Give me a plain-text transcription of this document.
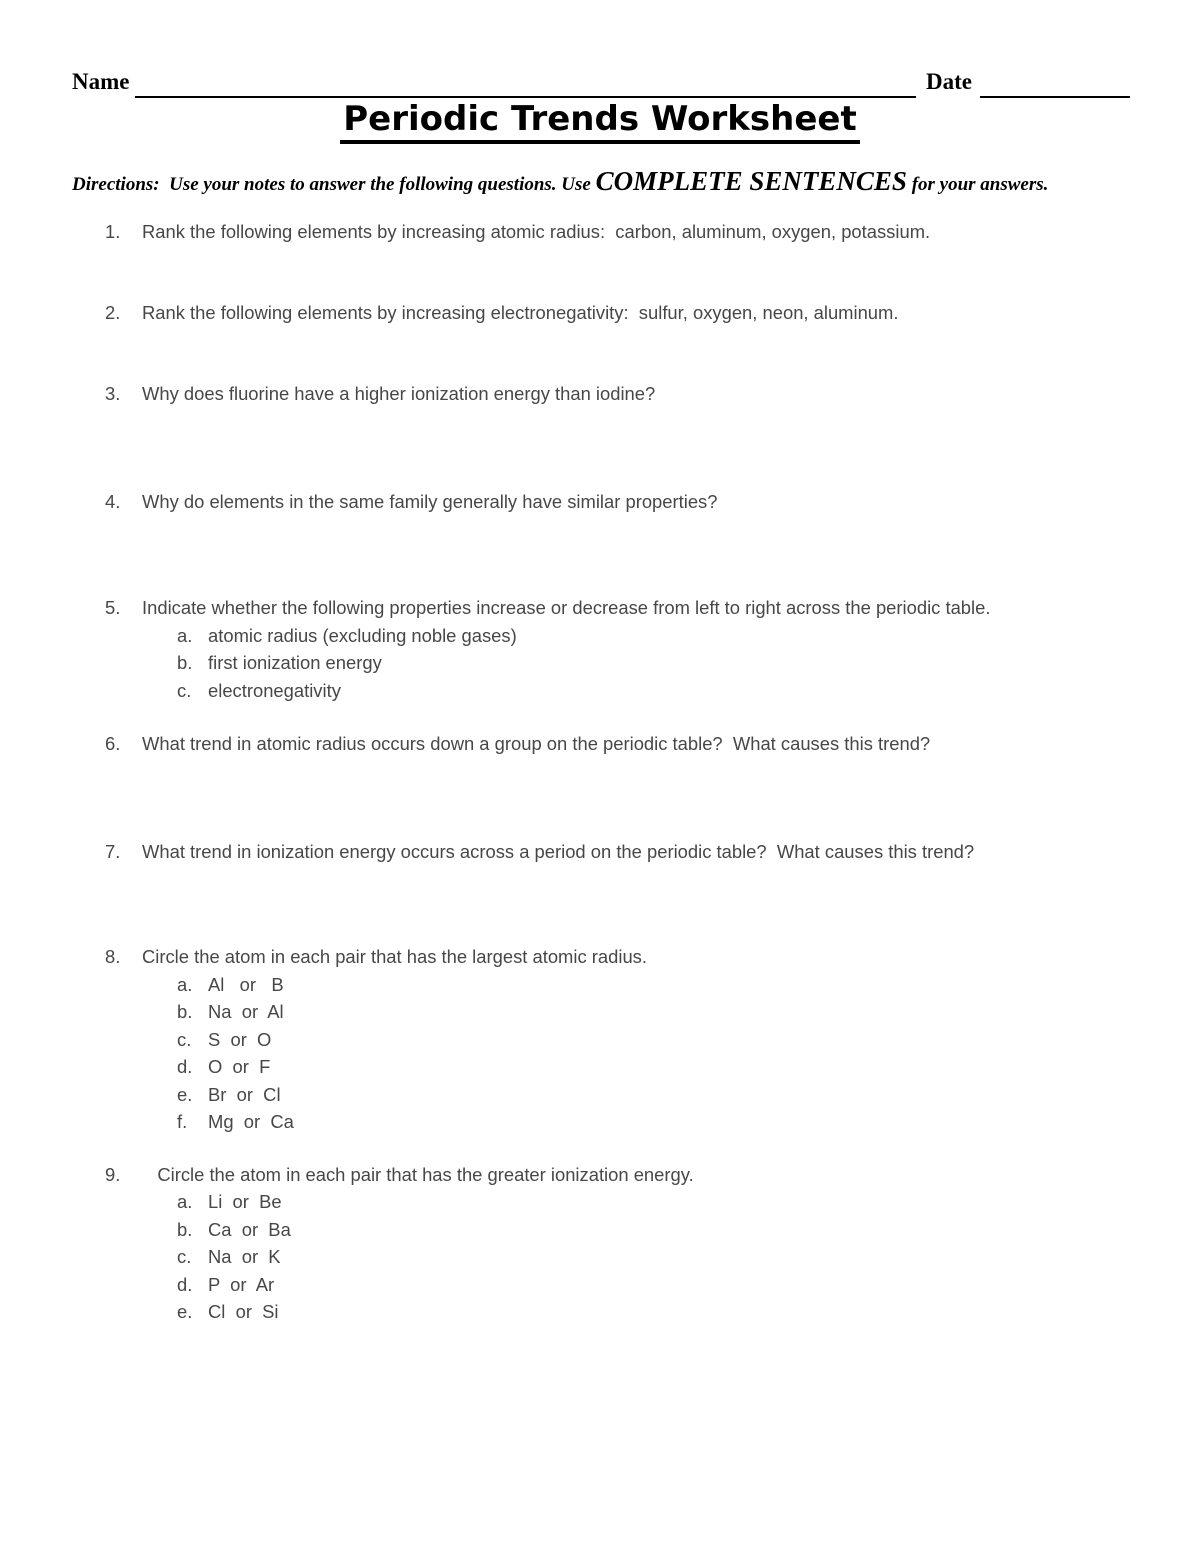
Name	Date
Periodic Trends Worksheet
Directions:  Use your notes to answer the following questions. Use COMPLETE SENTENCES for your answers.
1.	Rank the following elements by increasing atomic radius:  carbon, aluminum, oxygen, potassium.
2.	Rank the following elements by increasing electronegativity:  sulfur, oxygen, neon, aluminum.
3.	Why does fluorine have a higher ionization energy than iodine?
4.	Why do elements in the same family generally have similar properties?
5.	Indicate whether the following properties increase or decrease from left to right across the periodic table.
a. atomic radius (excluding noble gases)
b. first ionization energy
c. electronegativity
6.	What trend in atomic radius occurs down a group on the periodic table?  What causes this trend?
7.	What trend in ionization energy occurs across a period on the periodic table?  What causes this trend?
8.	Circle the atom in each pair that has the largest atomic radius.
a. Al   or   B
b. Na  or  Al
c. S  or  O
d. O  or  F
e. Br  or  Cl
f.	Mg  or  Ca
9.	Circle the atom in each pair that has the greater ionization energy.
a. Li  or  Be
b. Ca  or  Ba
c. Na  or  K
d. P  or  Ar
e. Cl  or  Si
